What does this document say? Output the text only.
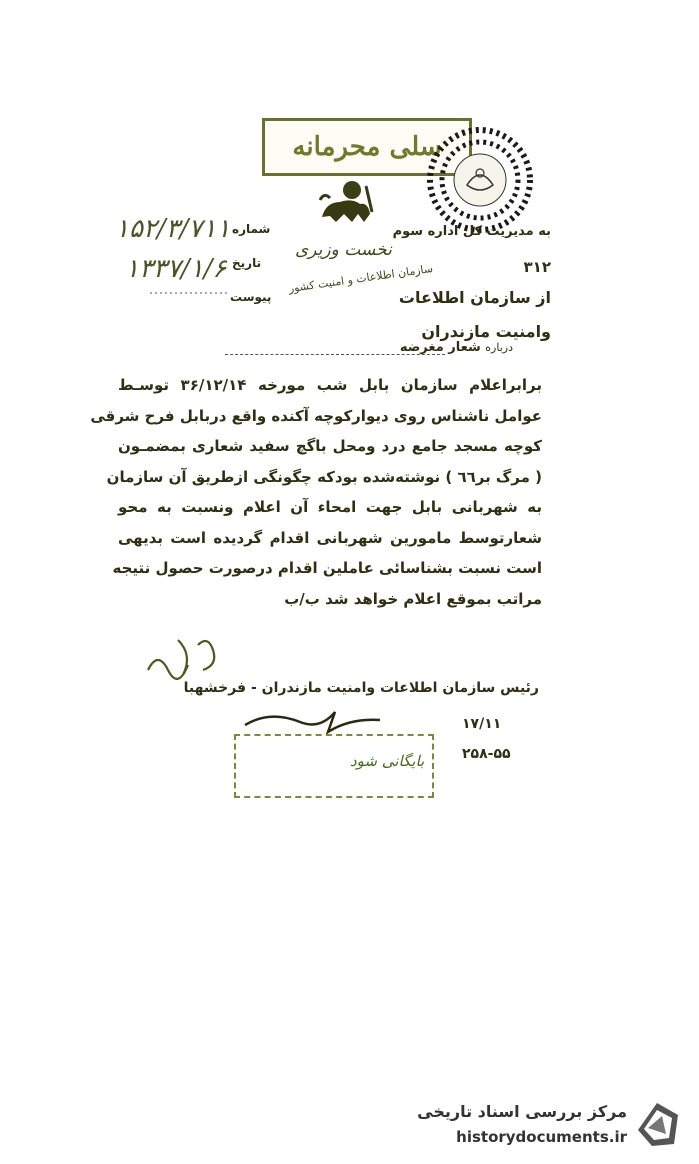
سلی محرمانه
به مدیریت کل اداره سوم
۳۱۲
از سازمان اطلاعات
وامنیت مازندران
نخست وزیری
سازمان اطلاعات و امنیت کشور
شماره
تاریخ
پیوست
۱۵۲/۳/۷۱۱
۱۳۳۷/۱/۶
درباره شعار مغرضه
برابراعلام سازمان بابل شب مورخه ۳۶/۱۲/۱۴ توسـط
عوامل ناشناس روی دیوارکوچه آکنده واقع دربابل فرح شرقی
کوچه مسجد جامع درد ومحل باگچ سفید شعاری بمضمـون
( مرگ بر٦٦ ) نوشته‌شده بودکه چگونگی ازطریق آن سازمان
به شهربانی بابل جهت امحاء آن اعلام ونسبت به محو
شعارتوسط مامورین شهربانی اقدام گردیده است بدیهی
است نسبت بشناسائی عاملین اقدام درصورت حصول نتیجه
مراتب بموقع اعلام خواهد شد ب/ب
رئیس سازمان اطلاعات وامنیت مازندران - فرخشهبا
بایگانی شود
۱۷/۱۱
۲۵۸-۵۵
مرکز بررسی اسناد تاریخی
historydocuments.ir
